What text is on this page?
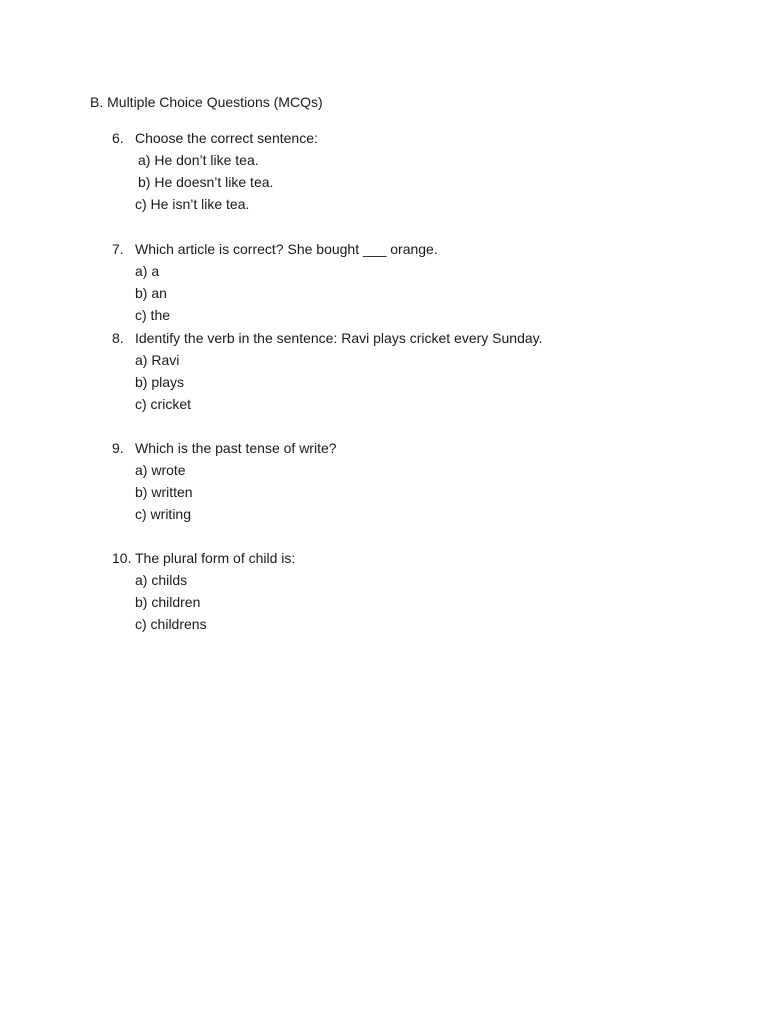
B. Multiple Choice Questions (MCQs)
6. Choose the correct sentence:
a) He don’t like tea.
b) He doesn’t like tea.
c) He isn’t like tea.
7. Which article is correct? She bought ___ orange.
a) a
b) an
c) the
8. Identify the verb in the sentence: Ravi plays cricket every Sunday.
a) Ravi
b) plays
c) cricket
9. Which is the past tense of write?
a) wrote
b) written
c) writing
10. The plural form of child is:
a) childs
b) children
c) childrens
